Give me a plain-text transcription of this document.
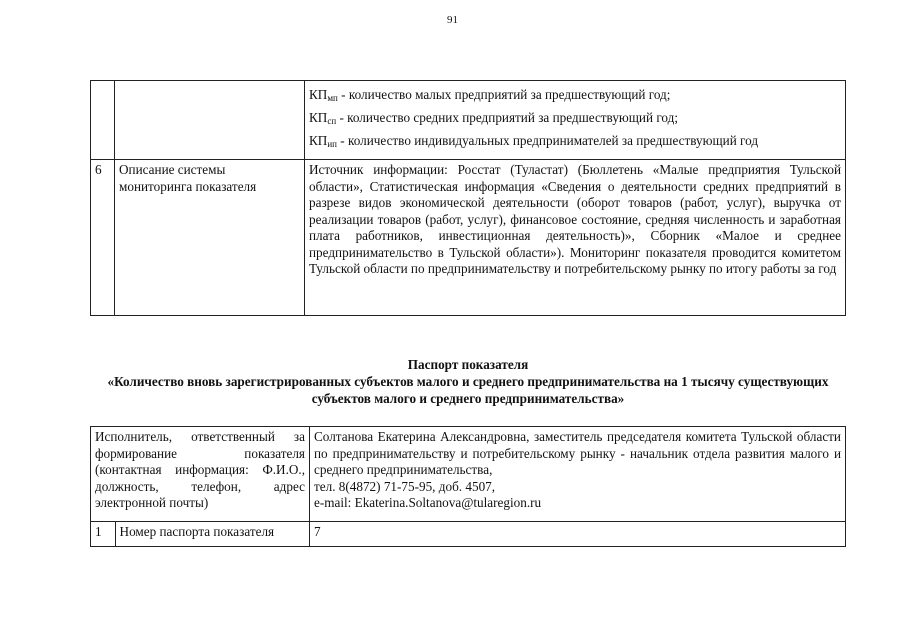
91

		$КП_{мп}$ - количество малых предприятий за предшествующий год;
$КП_{сп}$ - количество средних предприятий за предшествующий год;
$КП_{ип}$ - количество индивидуальных предпринимателей за предшествующий год

6	Описание системы мониторинга показателя	Источник информации: Росстат (Туластат) (Бюллетень «Малые предприятия Тульской области», Статистическая информация «Сведения о деятельности средних предприятий в разрезе видов экономической деятельности (оборот товаров (работ, услуг), выручка от реализации товаров (работ, услуг), финансовое состояние, средняя численность и заработная плата работников, инвестиционная деятельность)», Сборник «Малое и среднее предпринимательство в Тульской области»). Мониторинг показателя проводится комитетом Тульской области по предпринимательству и потребительскому рынку по итогу работы за год
Паспорт показателя
«Количество вновь зарегистрированных субъектов малого и среднего предпринимательства на 1 тысячу существующих субъектов малого и среднего предпринимательства»
Исполнитель, ответственный за формирование показателя (контактная информация: Ф.И.О., должность, телефон, адрес электронной почты)		Солтанова Екатерина Александровна, заместитель председателя комитета Тульской области по предпринимательству и потребительскому рынку - начальник отдела развития малого и среднего предпринимательства,
тел. 8(4872) 71-75-95, доб. 4507,
e-mail: Ekaterina.Soltanova@tularegion.ru

1	Номер паспорта показателя	7
